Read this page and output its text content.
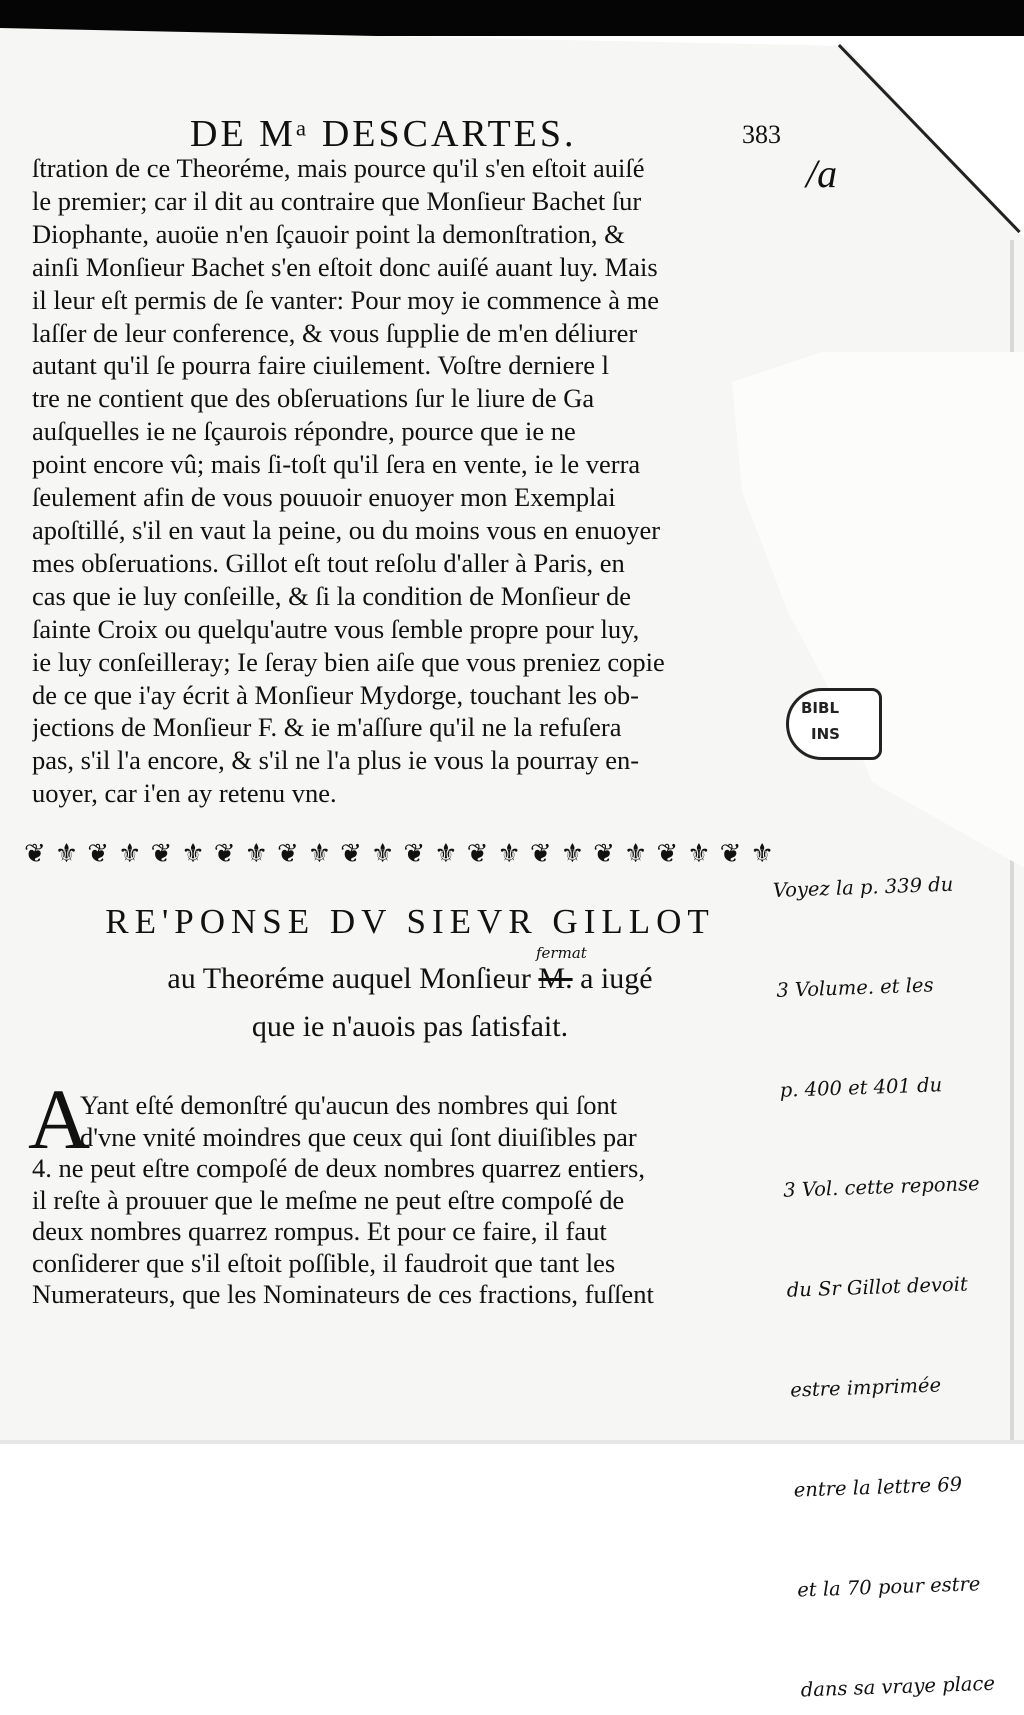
DE Mᵃ DESCARTES.	383
/a
ſtration de ce Theoréme, mais pource qu'il s'en eſtoit auiſé
le premier; car il dit au contraire que Monſieur Bachet ſur
Diophante, auoüe n'en ſçauoir point la demonſtration, &
ainſi Monſieur Bachet s'en eſtoit donc auiſé auant luy. Mais
il leur eſt permis de ſe vanter: Pour moy ie commence à me
laſſer de leur conference, & vous ſupplie de m'en déliurer
autant qu'il ſe pourra faire ciuilement. Voſtre derniere l
tre ne contient que des obſeruations ſur le liure de Ga
auſquelles ie ne ſçaurois répondre, pource que ie ne
point encore vû; mais ſi-toſt qu'il ſera en vente, ie le verra
ſeulement afin de vous pouuoir enuoyer mon Exemplai
apoſtillé, s'il en vaut la peine, ou du moins vous en enuoyer
mes obſeruations. Gillot eſt tout reſolu d'aller à Paris, en
cas que ie luy conſeille, & ſi la condition de Monſieur de
ſainte Croix ou quelqu'autre vous ſemble propre pour luy,
ie luy conſeilleray; Ie ſeray bien aiſe que vous preniez copie
de ce que i'ay écrit à Monſieur Mydorge, touchant les ob-
jections de Monſieur F. & ie m'aſſure qu'il ne la refuſera
pas, s'il l'a encore, & s'il ne l'a plus ie vous la pourray en-
uoyer, car i'en ay retenu vne.
BIBL
INS
❦ ⚜ ❦ ⚜ ❦ ⚜ ❦ ⚜ ❦ ⚜ ❦ ⚜ ❦ ⚜ ❦ ⚜ ❦ ⚜ ❦ ⚜ ❦ ⚜ ❦ ⚜
RE'PONSE DV SIEVR GILLOT
fermat
au Theoréme auquel Monſieur M. a iugé
que ie n'auois pas ſatisfait.
A
Yant eſté demonſtré qu'aucun des nombres qui ſont
d'vne vnité moindres que ceux qui ſont diuiſibles par
4. ne peut eſtre compoſé de deux nombres quarrez entiers,
il reſte à prouuer que le meſme ne peut eſtre compoſé de
deux nombres quarrez rompus. Et pour ce faire, il faut
conſiderer que s'il eſtoit poſſible, il faudroit que tant les
Numerateurs, que les Nominateurs de ces fractions, fuſſent
Voyez la p. 339 du

3 Volume. et les

p. 400 et 401 du

3 Vol. cette reponse

du Sr Gillot devoit

estre imprimée

entre la lettre 69

et la 70 pour estre

dans sa vraye place
